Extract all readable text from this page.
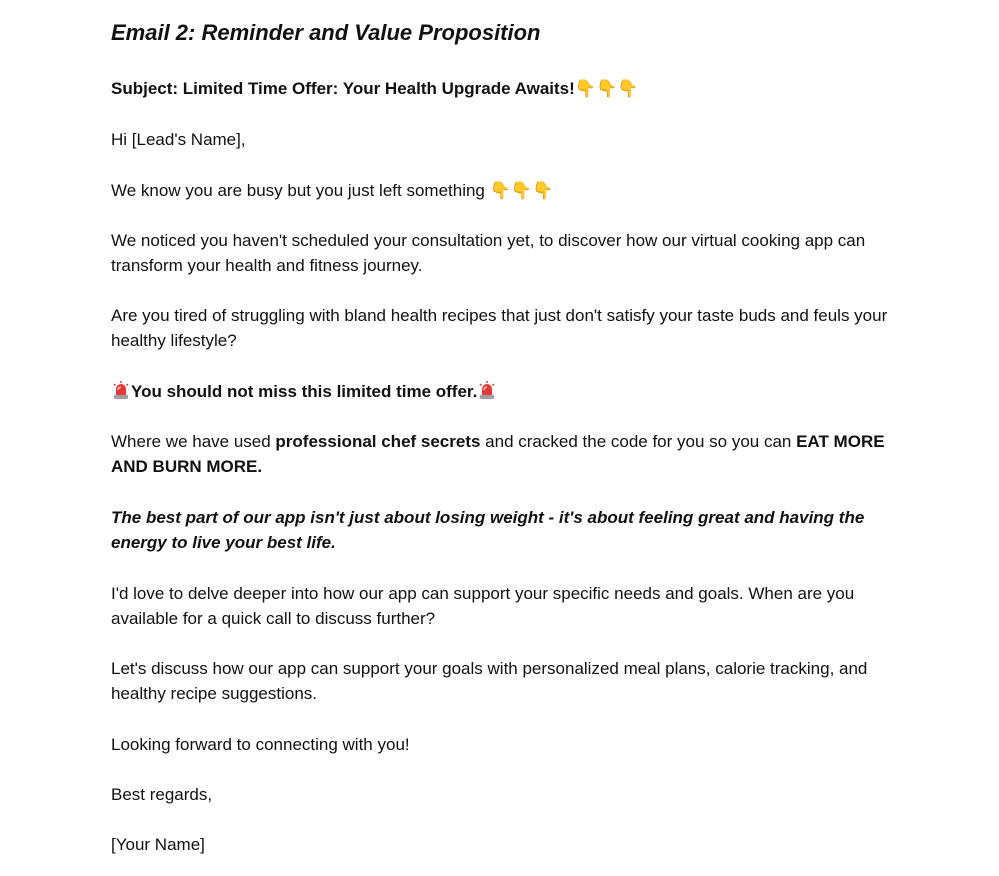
Email 2: Reminder and Value Proposition

Subject: Limited Time Offer: Your Health Upgrade Awaits!👇👇👇

Hi [Lead's Name],

We know you are busy but you just left something 👇👇👇

We noticed you haven't scheduled your consultation yet, to discover how our virtual cooking app can transform your health and fitness journey.

Are you tired of struggling with bland health recipes that just don't satisfy your taste buds and feuls your healthy lifestyle?

You should not miss this limited time offer.

Where we have used professional chef secrets and cracked the code for you so you can EAT MORE AND BURN MORE.

The best part of our app isn't just about losing weight - it's about feeling great and having the energy to live your best life.

I'd love to delve deeper into how our app can support your specific needs and goals. When are you available for a quick call to discuss further?

Let's discuss how our app can support your goals with personalized meal plans, calorie tracking, and healthy recipe suggestions.

Looking forward to connecting with you!

Best regards,

[Your Name]
